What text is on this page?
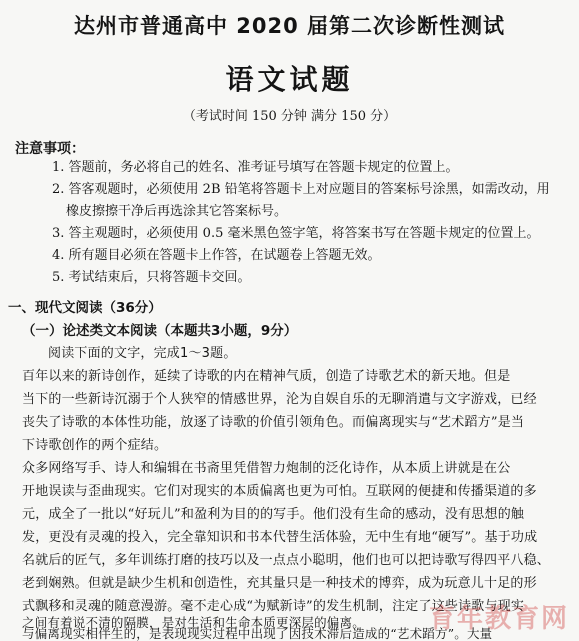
达州市普通高中 2020 届第二次诊断性测试
语文试题
（考试时间 150 分钟 满分 150 分）
注意事项：
1. 答题前，务必将自己的姓名、准考证号填写在答题卡规定的位置上。
2. 答客观题时，必须使用 2B 铅笔将答题卡上对应题目的答案标号涂黑，如需改动，用
橡皮擦擦干净后再选涂其它答案标号。
3. 答主观题时，必须使用 0.5 毫米黑色签字笔，将答案书写在答题卡规定的位置上。
4. 所有题目必须在答题卡上作答，在试题卷上答题无效。
5. 考试结束后，只将答题卡交回。
一、现代文阅读（36分）
（一）论述类文本阅读（本题共3小题，9分）
阅读下面的文字，完成1～3题。
百年以来的新诗创作，延续了诗歌的内在精神气质，创造了诗歌艺术的新天地。但是
当下的一些新诗沉溺于个人狭窄的情感世界，沦为自娱自乐的无聊消遣与文字游戏，已经
丧失了诗歌的本体性功能，放逐了诗歌的价值引领角色。而偏离现实与“艺术蹈方”是当
下诗歌创作的两个症结。
众多网络写手、诗人和编辑在书斋里凭借智力炮制的泛化诗作，从本质上讲就是在公
开地误读与歪曲现实。它们对现实的本质偏离也更为可怕。互联网的便捷和传播渠道的多
元，成全了一批以“好玩儿”和盈利为目的的写手。他们没有生命的感动，没有思想的触
发，更没有灵魂的投入，完全靠知识和书本代替生活体验，无中生有地“硬写”。基于功成
名就后的匠气，多年训练打磨的技巧以及一点点小聪明，他们也可以把诗歌写得四平八稳、
老到娴熟。但就是缺少生机和创造性，充其量只是一种技术的博弈，成为玩意儿十足的形
式飘移和灵魂的随意漫游。毫不走心成“为赋新诗”的发生机制，注定了这些诗歌与现实
之间有着说不清的隔膜，是对生活和生命本质更深层的偏离。
与偏离现实相伴生的，是表现现实过程中出现了因技术滞后造成的“艺术蹈方”。大量
育年教育网
